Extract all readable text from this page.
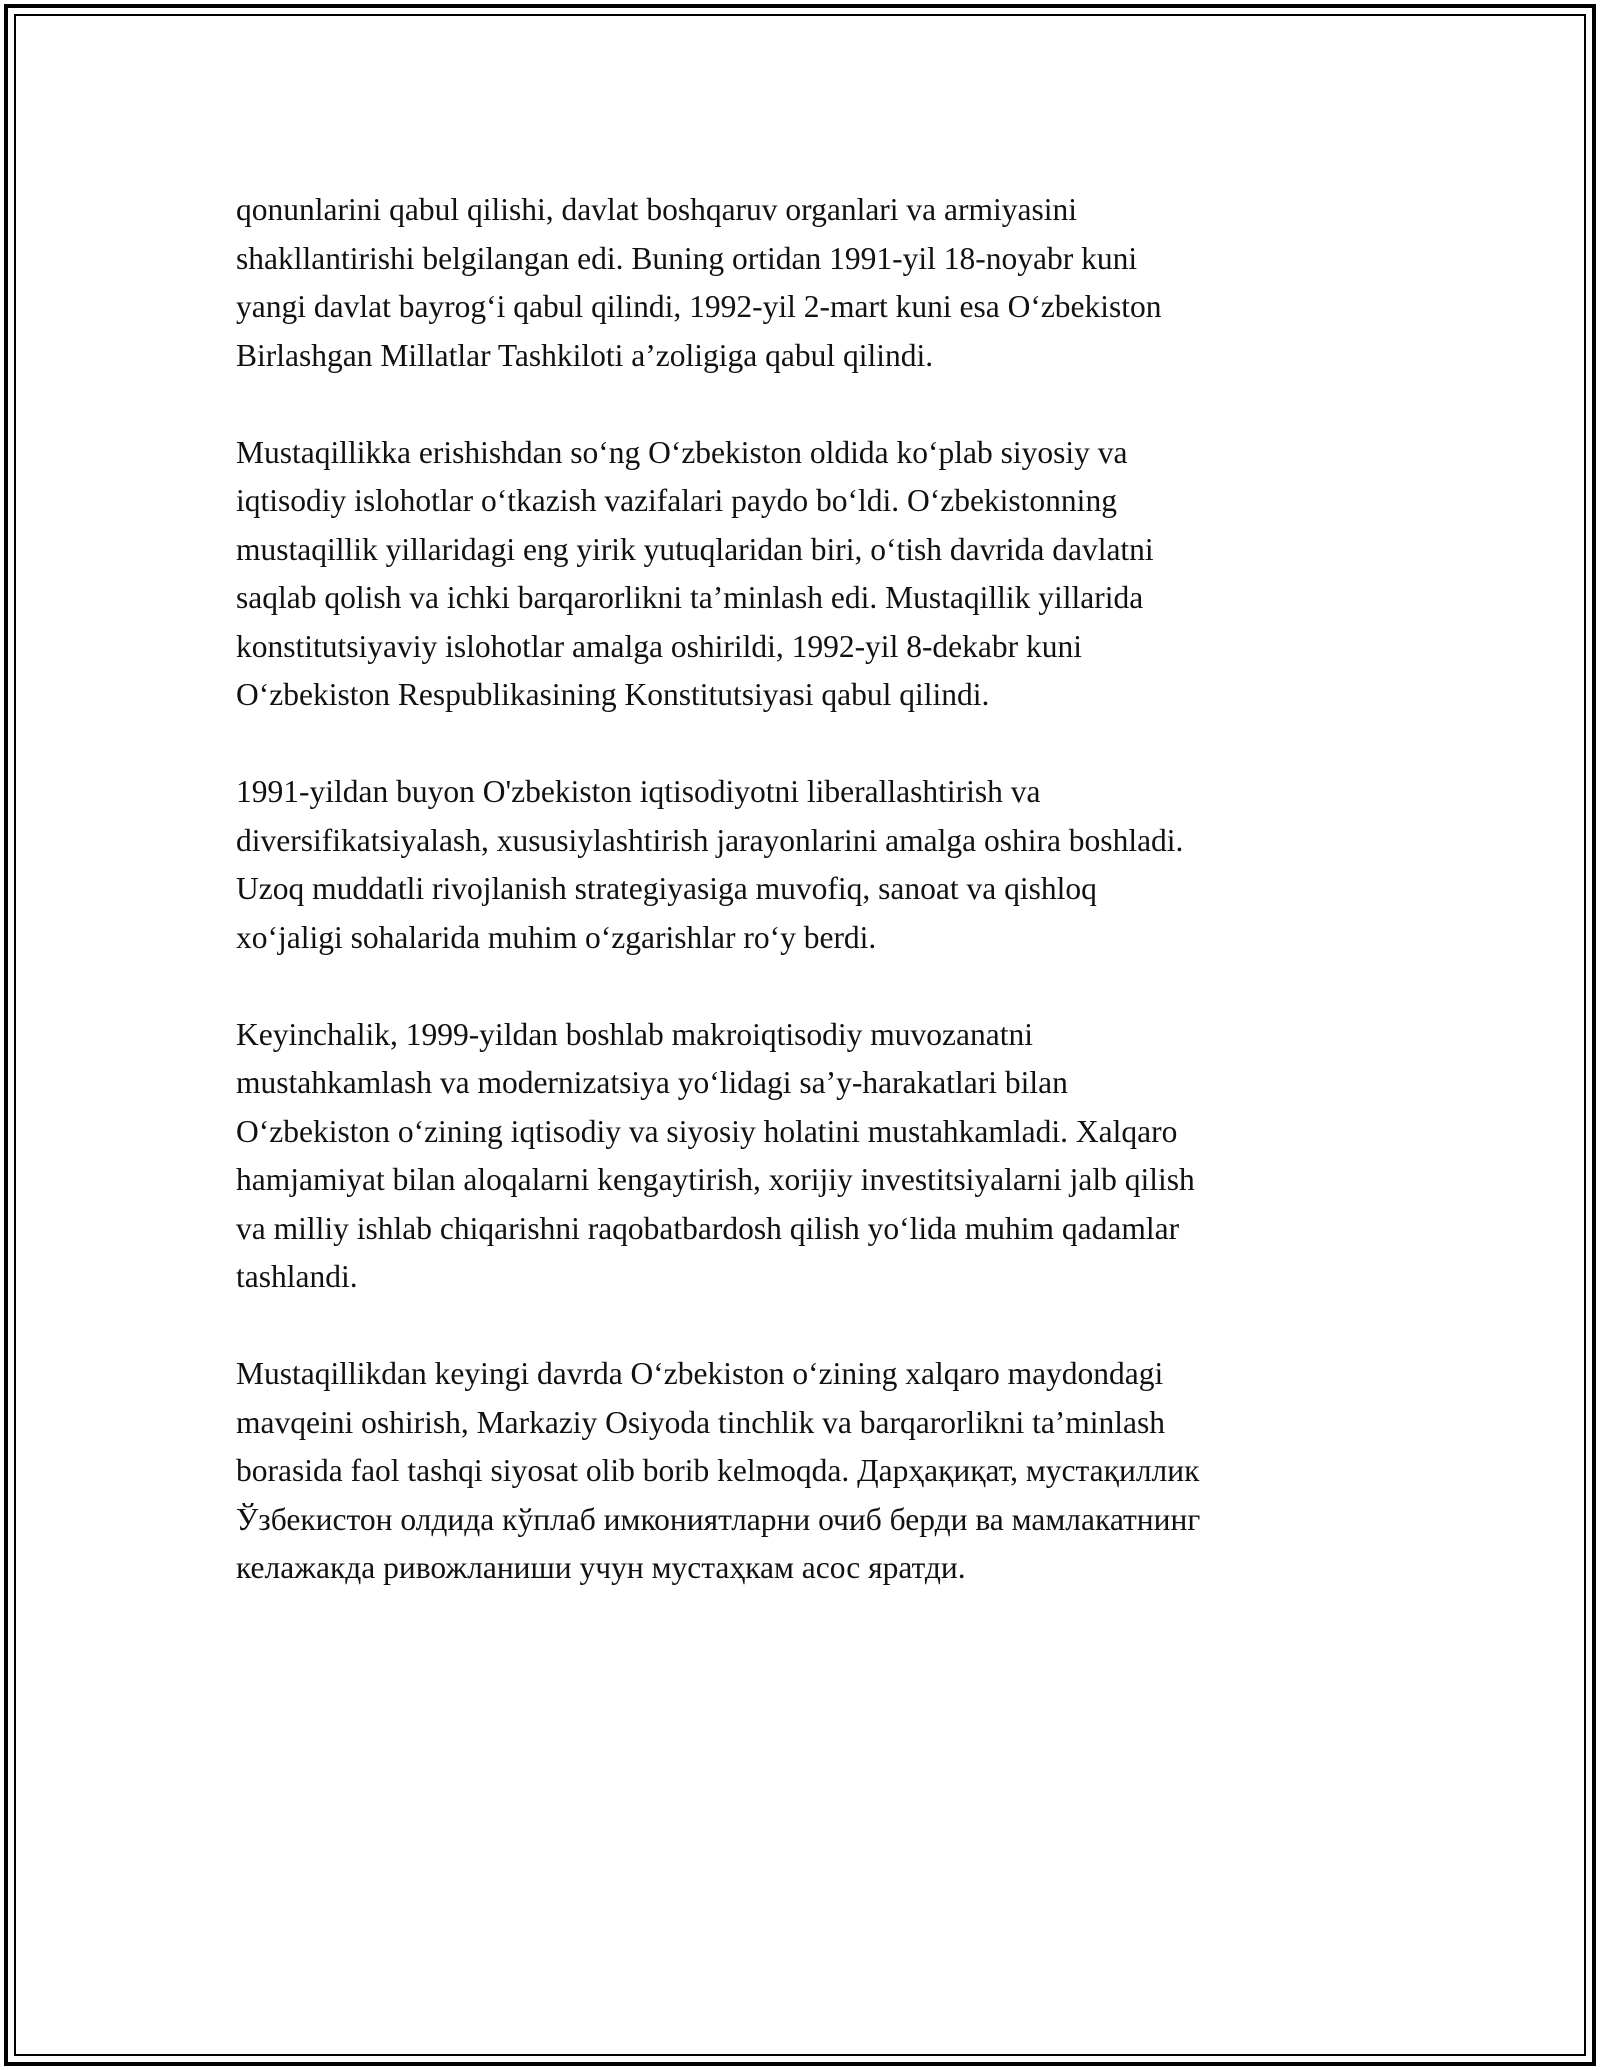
qonunlarini qabul qilishi, davlat boshqaruv organlari va armiyasini
shakllantirishi belgilangan edi. Buning ortidan 1991-yil 18-noyabr kuni
yangi davlat bayrog‘i qabul qilindi, 1992-yil 2-mart kuni esa O‘zbekiston
Birlashgan Millatlar Tashkiloti a’zoligiga qabul qilindi.

Mustaqillikka erishishdan so‘ng O‘zbekiston oldida ko‘plab siyosiy va
iqtisodiy islohotlar o‘tkazish vazifalari paydo bo‘ldi. O‘zbekistonning
mustaqillik yillaridagi eng yirik yutuqlaridan biri, o‘tish davrida davlatni
saqlab qolish va ichki barqarorlikni ta’minlash edi. Mustaqillik yillarida
konstitutsiyaviy islohotlar amalga oshirildi, 1992-yil 8-dekabr kuni
O‘zbekiston Respublikasining Konstitutsiyasi qabul qilindi.

1991-yildan buyon O'zbekiston iqtisodiyotni liberallashtirish va
diversifikatsiyalash, xususiylashtirish jarayonlarini amalga oshira boshladi.
Uzoq muddatli rivojlanish strategiyasiga muvofiq, sanoat va qishloq
xo‘jaligi sohalarida muhim o‘zgarishlar ro‘y berdi.

Keyinchalik, 1999-yildan boshlab makroiqtisodiy muvozanatni
mustahkamlash va modernizatsiya yo‘lidagi sa’y-harakatlari bilan
O‘zbekiston o‘zining iqtisodiy va siyosiy holatini mustahkamladi. Xalqaro
hamjamiyat bilan aloqalarni kengaytirish, xorijiy investitsiyalarni jalb qilish
va milliy ishlab chiqarishni raqobatbardosh qilish yo‘lida muhim qadamlar
tashlandi.

Mustaqillikdan keyingi davrda O‘zbekiston o‘zining xalqaro maydondagi
mavqeini oshirish, Markaziy Osiyoda tinchlik va barqarorlikni ta’minlash
borasida faol tashqi siyosat olib borib kelmoqda. Дарҳақиқат, мустақиллик
Ўзбекистон олдида кўплаб имкониятларни очиб берди ва мамлакатнинг
келажакда ривожланиши учун мустаҳкам асос яратди.
